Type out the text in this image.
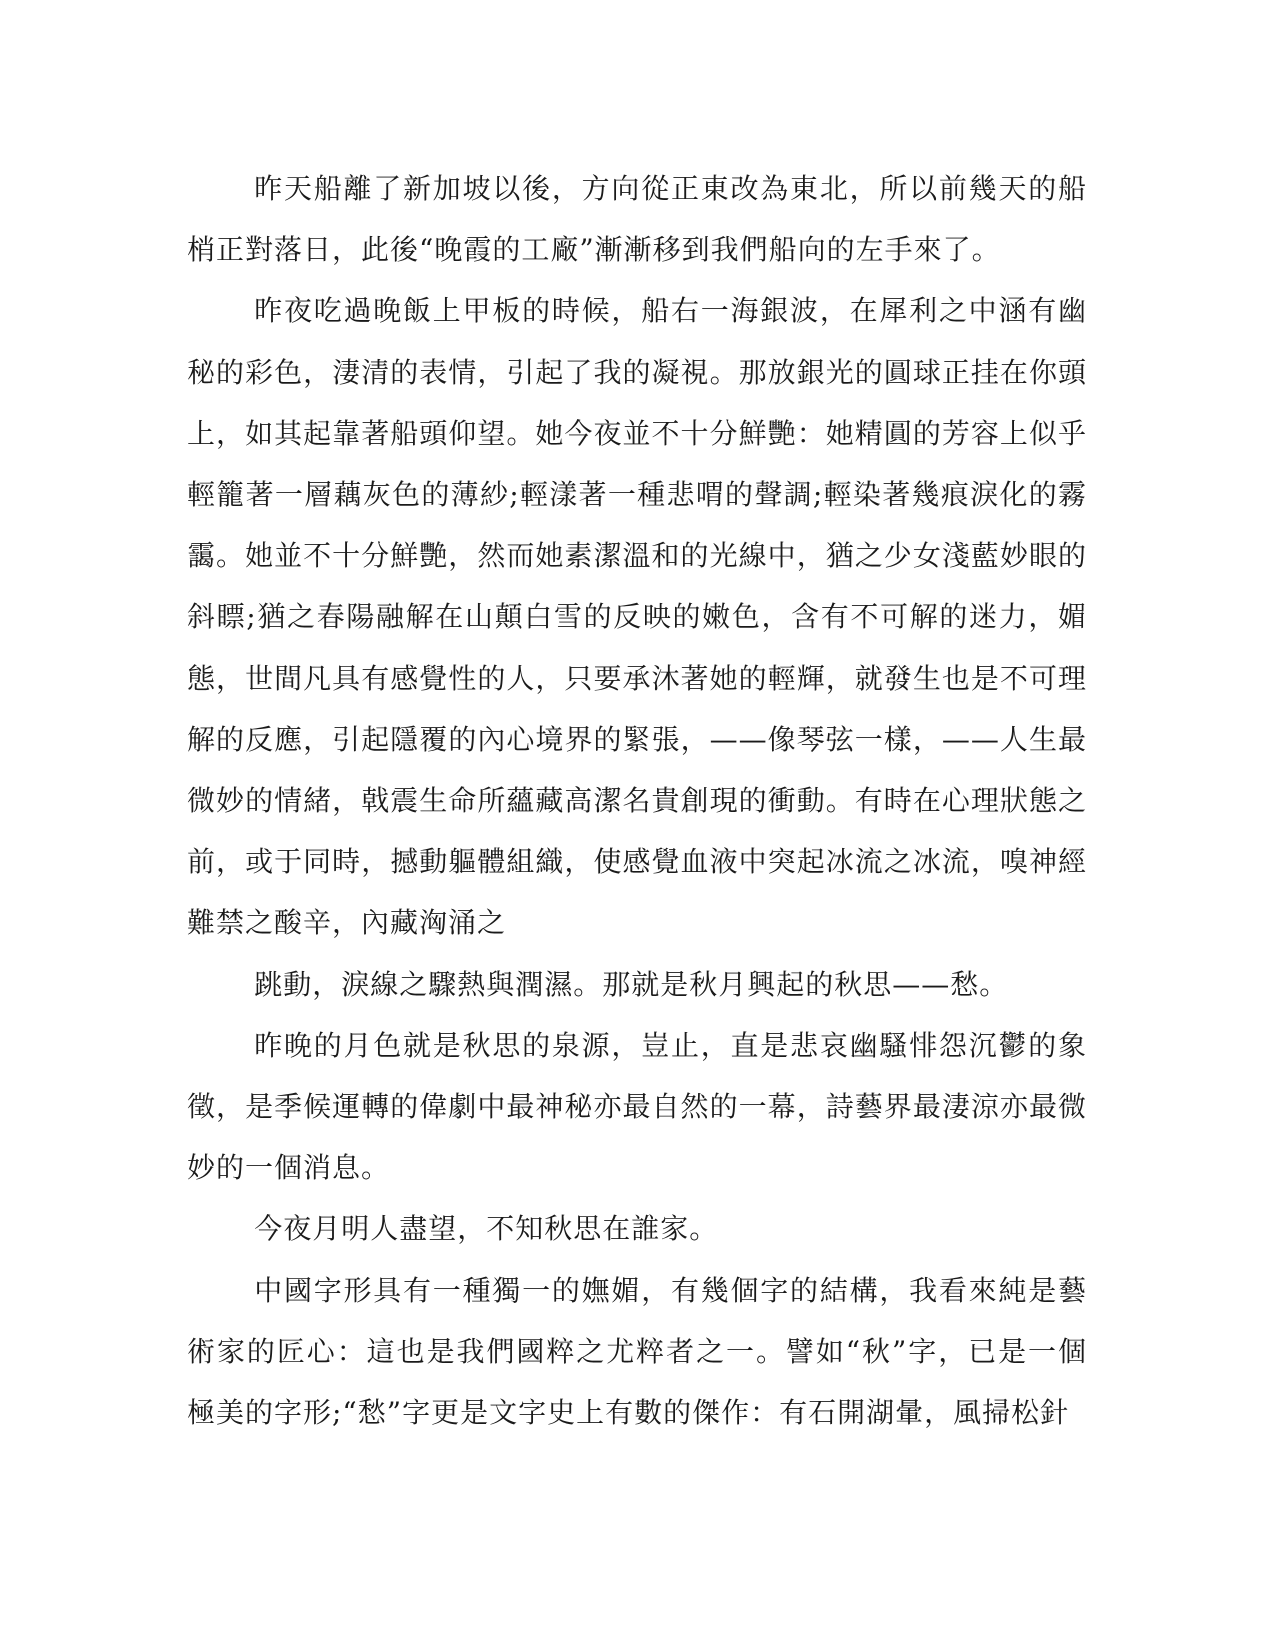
昨天船離了新加坡以後，方向從正東改為東北，所以前幾天的船梢正對落日，此後“晚霞的工廠”漸漸移到我們船向的左手來了。

昨夜吃過晚飯上甲板的時候，船右一海銀波，在犀利之中涵有幽秘的彩色，淒清的表情，引起了我的凝視。那放銀光的圓球正挂在你頭上，如其起靠著船頭仰望。她今夜並不十分鮮艷：她精圓的芳容上似乎輕籠著一層藕灰色的薄紗;輕漾著一種悲喟的聲調;輕染著幾痕淚化的霧靄。她並不十分鮮艷，然而她素潔溫和的光線中，猶之少女淺藍妙眼的斜瞟;猶之春陽融解在山顛白雪的反映的嫩色，含有不可解的迷力，媚態，世間凡具有感覺性的人，只要承沐著她的輕輝，就發生也是不可理解的反應，引起隱覆的內心境界的緊張，——像琴弦一樣，——人生最微妙的情緒，戟震生命所蘊藏高潔名貴創現的衝動。有時在心理狀態之前，或于同時，撼動軀體組織，使感覺血液中突起冰流之冰流，嗅神經難禁之酸辛，內藏洶涌之

跳動，淚線之驟熱與潤濕。那就是秋月興起的秋思——愁。

昨晚的月色就是秋思的泉源，豈止，直是悲哀幽騷悱怨沉鬱的象徵，是季候運轉的偉劇中最神秘亦最自然的一幕，詩藝界最淒涼亦最微妙的一個消息。

今夜月明人盡望，不知秋思在誰家。

中國字形具有一種獨一的嫵媚，有幾個字的結構，我看來純是藝術家的匠心：這也是我們國粹之尤粹者之一。譬如“秋”字，已是一個極美的字形;“愁”字更是文字史上有數的傑作：有石開湖暈，風掃松針
